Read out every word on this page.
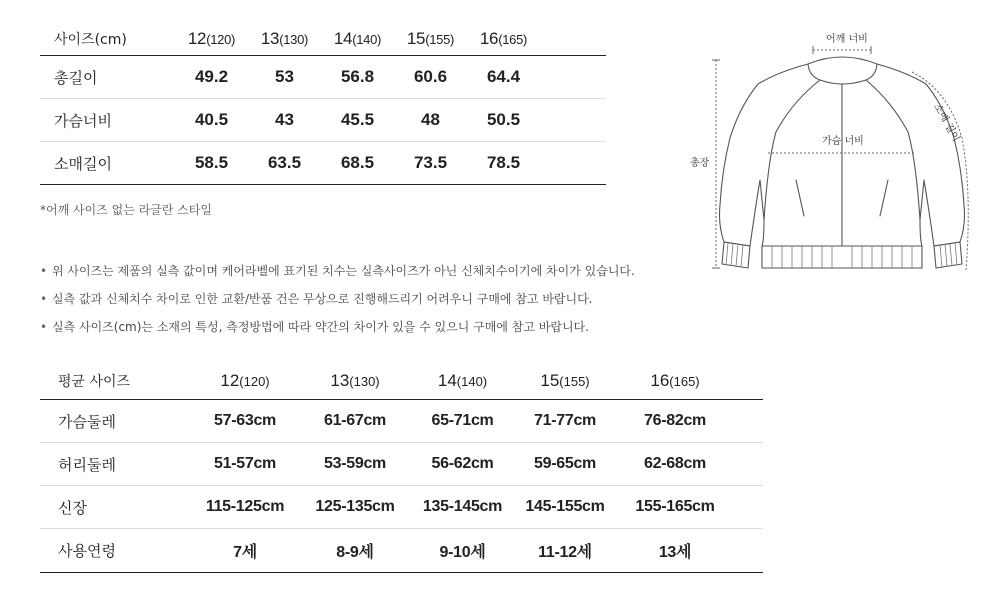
사이즈(cm)	12(120)	13(130)	14(140)	15(155)	16(165)
총길이	49.2	53	56.8	60.6	64.4
가슴너비	40.5	43	45.5	48	50.5
소매길이	58.5	63.5	68.5	73.5	78.5
*어깨 사이즈 없는 라글란 스타일
• 위 사이즈는 제품의 실측 값이며 케어라벨에 표기된 치수는 실측사이즈가 아닌 신체치수이기에 차이가 있습니다.
• 실측 값과 신체치수 차이로 인한 교환/반품 건은 무상으로 진행해드리기 어려우니 구매에 참고 바랍니다.
• 실측 사이즈(cm)는 소재의 특성, 측정방법에 따라 약간의 차이가 있을 수 있으니 구매에 참고 바랍니다.
어깨 너비
가슴 너비
총장
소매 길이
평균 사이즈	12(120)	13(130)	14(140)	15(155)	16(165)
가슴둘레	57-63cm	61-67cm	65-71cm	71-77cm	76-82cm
허리둘레	51-57cm	53-59cm	56-62cm	59-65cm	62-68cm
신장	115-125cm	125-135cm	135-145cm	145-155cm	155-165cm
사용연령	7세	8-9세	9-10세	11-12세	13세
